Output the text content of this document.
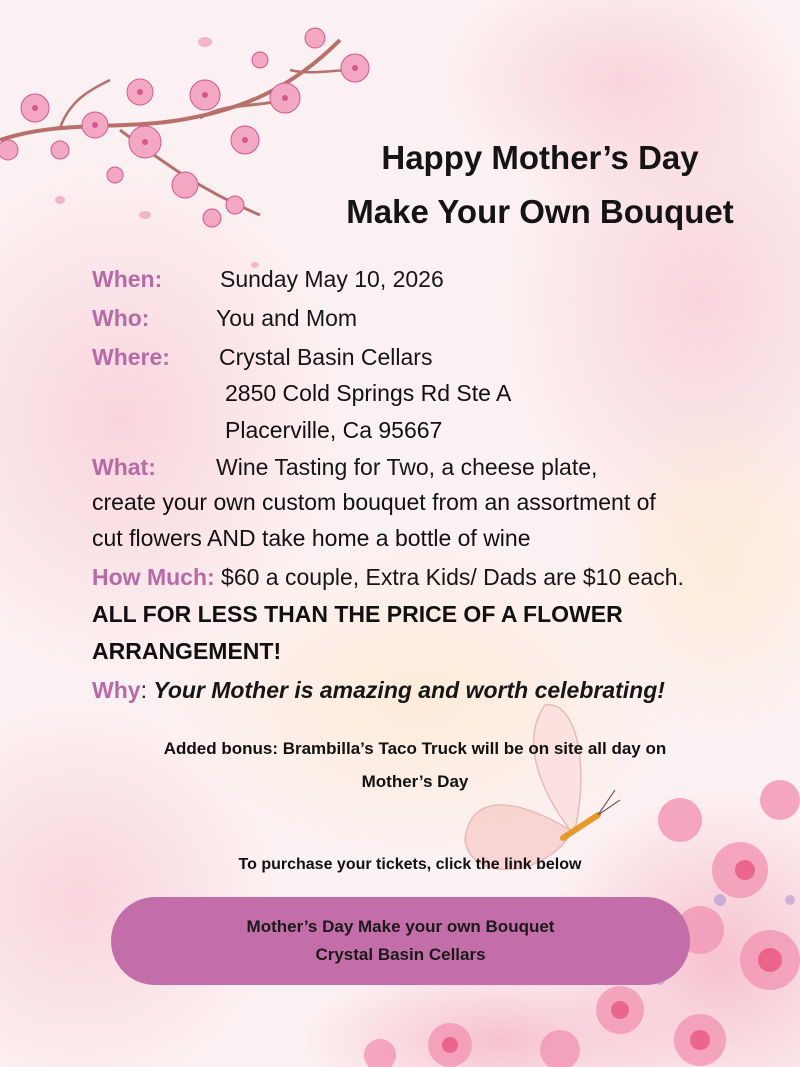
Happy Mother’s Day
Make Your Own Bouquet
When:	Sunday May 10, 2026
Who:	You and Mom
Where: Crystal Basin Cellars
2850 Cold Springs Rd Ste A
Placerville, Ca 95667
What:	Wine Tasting for Two, a cheese plate,
create your own custom bouquet from an assortment of
cut flowers AND take home a bottle of wine
How Much: $60 a couple, Extra Kids/ Dads are $10 each.
ALL FOR LESS THAN THE PRICE OF A FLOWER
ARRANGEMENT!
Why: Your Mother is amazing and worth celebrating!
Added bonus: Brambilla’s Taco Truck will be on site all day on
Mother’s Day
To purchase your tickets, click the link below
Mother’s Day Make your own Bouquet
Crystal Basin Cellars
